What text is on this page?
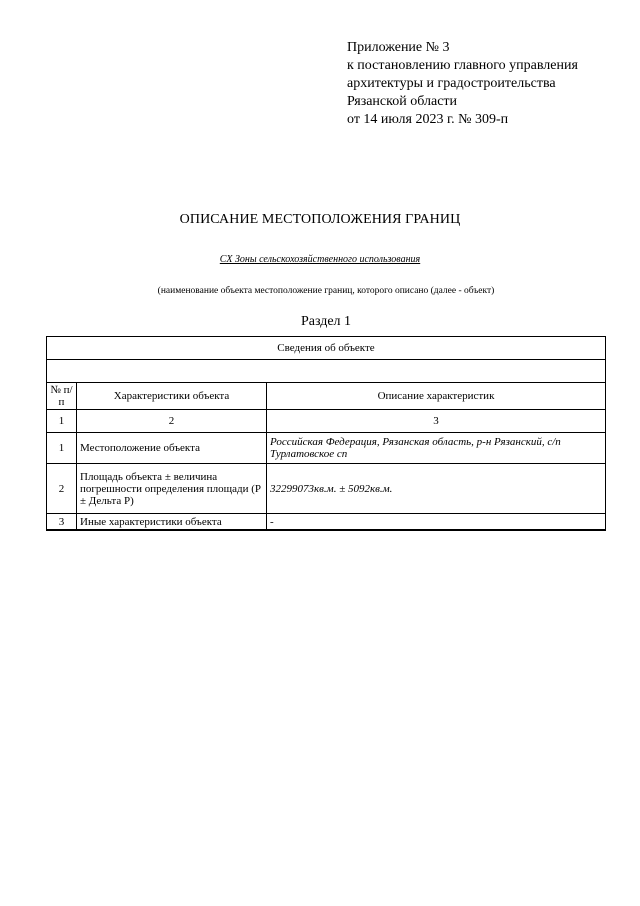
Приложение № 3
к постановлению главного управления
архитектуры и градостроительства
Рязанской области
от 14 июля 2023 г. № 309-п
ОПИСАНИЕ МЕСТОПОЛОЖЕНИЯ ГРАНИЦ
СХ Зоны сельскохозяйственного использования
(наименование объекта местоположение границ, которого описано (далее - объект)
Раздел 1
Сведения об объекте		

№ п/п	Характеристики объекта	Описание характеристик
1	2	3
1	Местоположение объекта	Российская Федерация, Рязанская область, р-н Рязанский, с/п Турлатовское сп
2	Площадь объекта ± величина погрешности определения площади (P ± Дельта P)	32299073кв.м. ± 5092кв.м.
3	Иные характеристики объекта	-
